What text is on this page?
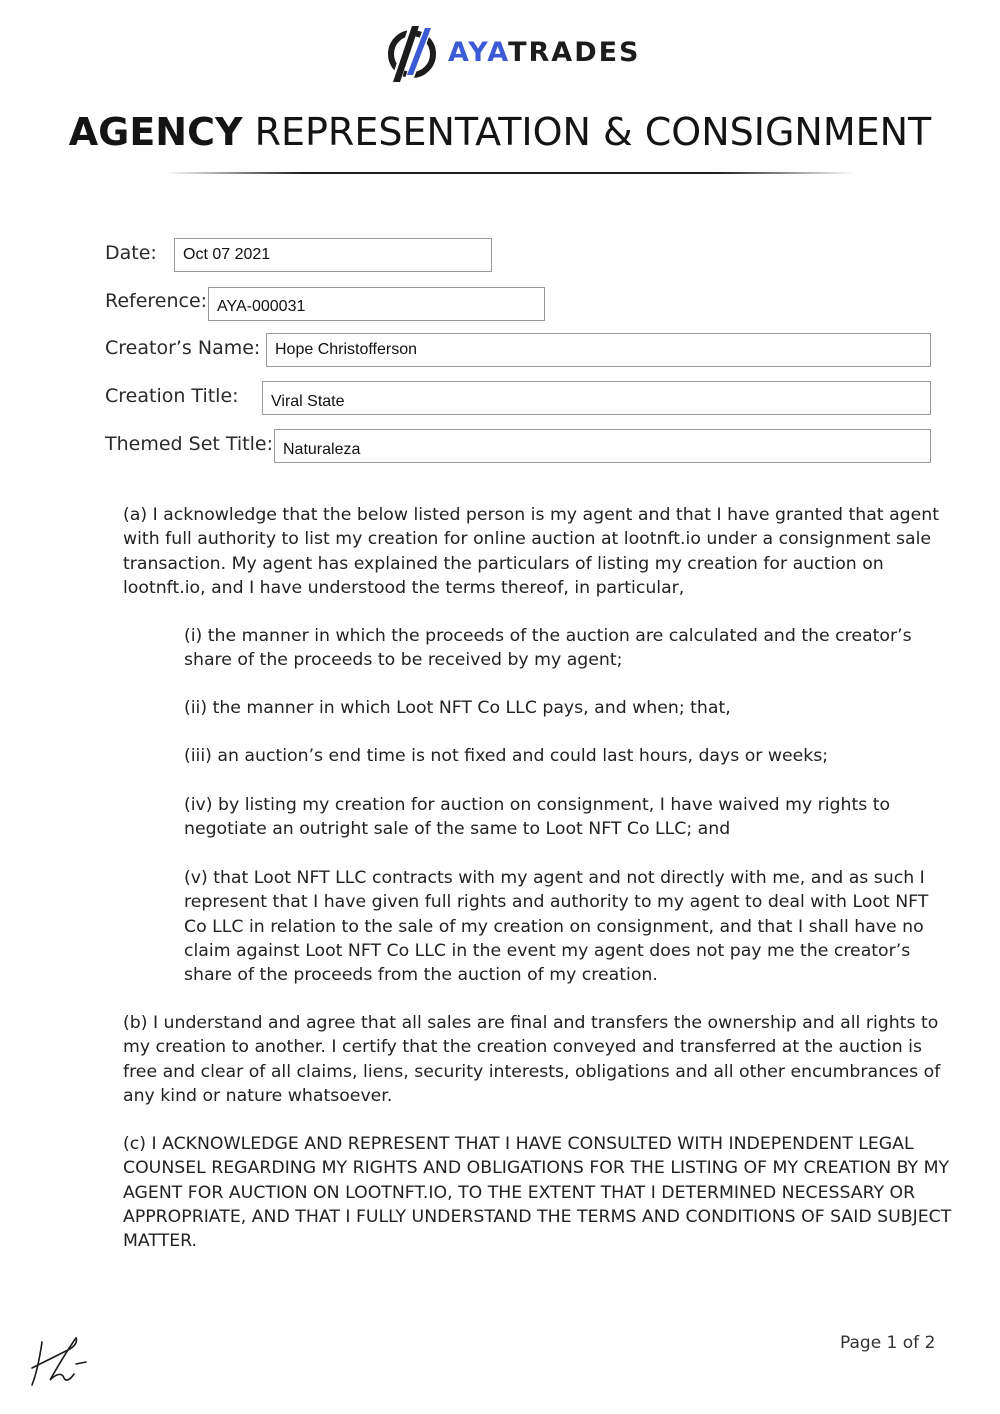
AYATRADES
AGENCY REPRESENTATION & CONSIGNMENT
Date:	Oct 07 2021
Reference: AYA-000031
Creator’s Name: Hope Christofferson
Creation Title:	Viral State
Themed Set Title: Naturaleza

(a) I acknowledge that the below listed person is my agent and that I have granted that agent with full authority to list my creation for online auction at lootnft.io under a consignment sale transaction. My agent has explained the particulars of listing my creation for auction on lootnft.io, and I have understood the terms thereof, in particular,

(i) the manner in which the proceeds of the auction are calculated and the creator’s share of the proceeds to be received by my agent;

(ii) the manner in which Loot NFT Co LLC pays, and when; that,

(iii) an auction’s end time is not fixed and could last hours, days or weeks;

(iv) by listing my creation for auction on consignment, I have waived my rights to negotiate an outright sale of the same to Loot NFT Co LLC; and

(v) that Loot NFT LLC contracts with my agent and not directly with me, and as such I represent that I have given full rights and authority to my agent to deal with Loot NFT Co LLC in relation to the sale of my creation on consignment, and that I shall have no claim against Loot NFT Co LLC in the event my agent does not pay me the creator’s share of the proceeds from the auction of my creation.

(b) I understand and agree that all sales are final and transfers the ownership and all rights to my creation to another. I certify that the creation conveyed and transferred at the auction is free and clear of all claims, liens, security interests, obligations and all other encumbrances of any kind or nature whatsoever.

(c) I ACKNOWLEDGE AND REPRESENT THAT I HAVE CONSULTED WITH INDEPENDENT LEGAL COUNSEL REGARDING MY RIGHTS AND OBLIGATIONS FOR THE LISTING OF MY CREATION BY MY AGENT FOR AUCTION ON LOOTNFT.IO, TO THE EXTENT THAT I DETERMINED NECESSARY OR APPROPRIATE, AND THAT I FULLY UNDERSTAND THE TERMS AND CONDITIONS OF SAID SUBJECT MATTER.

Page 1 of 2
